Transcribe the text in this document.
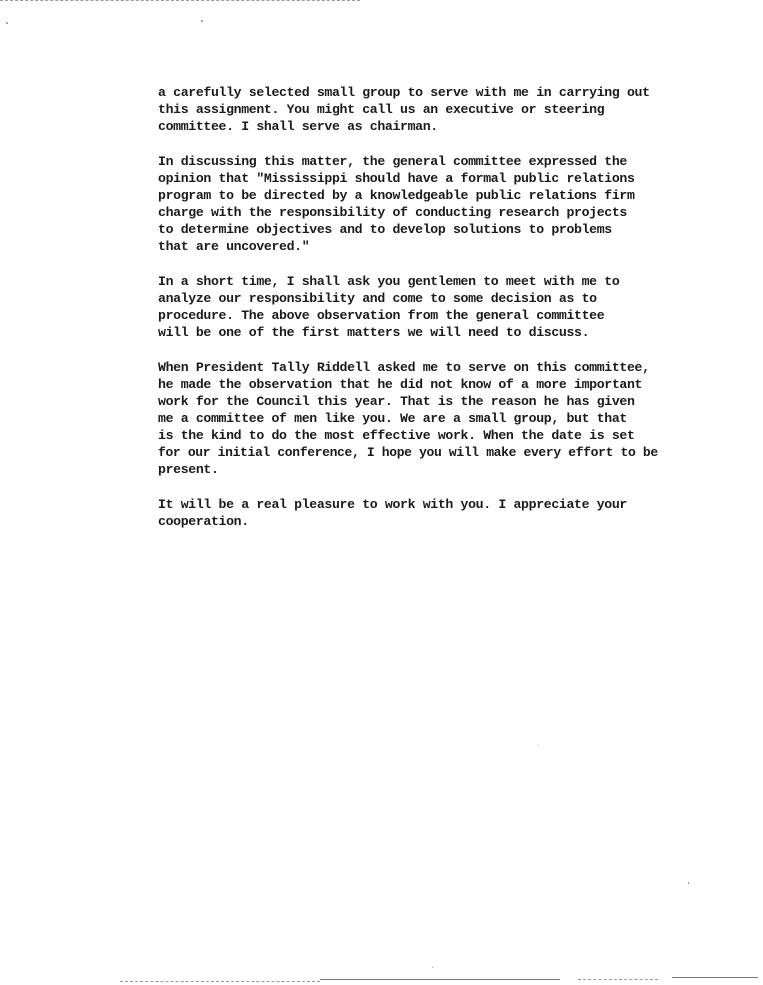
a carefully selected small group to serve with me in carrying out
this assignment. You might call us an executive or steering
committee. I shall serve as chairman.
In discussing this matter, the general committee expressed the
opinion that "Mississippi should have a formal public relations
program to be directed by a knowledgeable public relations firm
charge with the responsibility of conducting research projects
to determine objectives and to develop solutions to problems
that are uncovered."
In a short time, I shall ask you gentlemen to meet with me to
analyze our responsibility and come to some decision as to
procedure. The above observation from the general committee
will be one of the first matters we will need to discuss.
When President Tally Riddell asked me to serve on this committee,
he made the observation that he did not know of a more important
work for the Council this year. That is the reason he has given
me a committee of men like you. We are a small group, but that
is the kind to do the most effective work. When the date is set
for our initial conference, I hope you will make every effort to be
present.
It will be a real pleasure to work with you. I appreciate your
cooperation.
